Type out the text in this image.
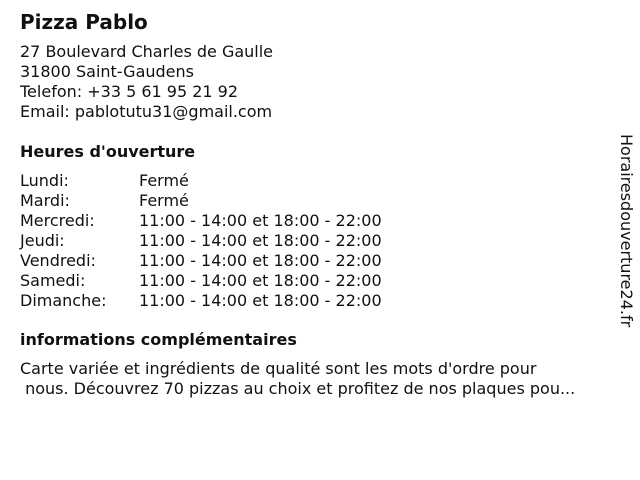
Pizza Pablo
27 Boulevard Charles de Gaulle
31800 Saint-Gaudens
Telefon: +33 5 61 95 21 92
Email: pablotutu31@gmail.com
Heures d'ouverture
Lundi:	Fermé
Mardi:	Fermé
Mercredi:	11:00 - 14:00 et 18:00 - 22:00
Jeudi:	11:00 - 14:00 et 18:00 - 22:00
Vendredi:	11:00 - 14:00 et 18:00 - 22:00
Samedi:	11:00 - 14:00 et 18:00 - 22:00
Dimanche:	11:00 - 14:00 et 18:00 - 22:00
informations complémentaires
Carte variée et ingrédients de qualité sont les mots d'ordre pour
nous. Découvrez 70 pizzas au choix et profitez de nos plaques pou...
Horairesdouverture24.fr
